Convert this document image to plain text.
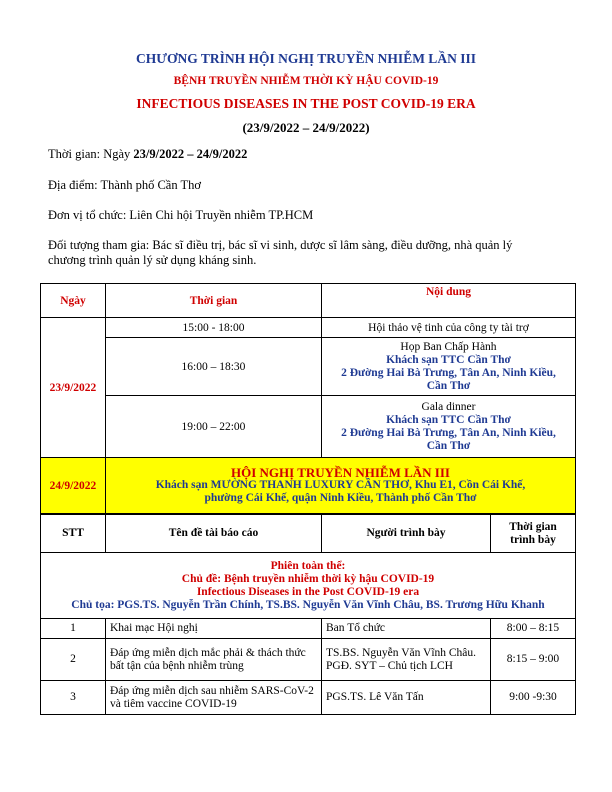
CHƯƠNG TRÌNH HỘI NGHỊ TRUYỀN NHIỄM LẦN III
BỆNH TRUYỀN NHIỄM THỜI KỲ HẬU COVID-19
INFECTIOUS DISEASES IN THE POST COVID-19 ERA
(23/9/2022 – 24/9/2022)
Thời gian: Ngày 23/9/2022 – 24/9/2022
Địa điểm: Thành phố Cần Thơ
Đơn vị tổ chức: Liên Chi hội Truyền nhiễm TP.HCM
Đối tượng tham gia: Bác sĩ điều trị, bác sĩ vi sinh, dược sĩ lâm sàng, điều dưỡng, nhà quản lý
chương trình quản lý sử dụng kháng sinh.
Ngày	Thời gian	Nội dung
23/9/2022	15:00 - 18:00	Hội thảo vệ tinh của công ty tài trợ
	16:00 – 18:30	Họp Ban Chấp Hành
Khách sạn TTC Cần Thơ
2 Đường Hai Bà Trưng, Tân An, Ninh Kiều,
Cần Thơ

	19:00 – 22:00	Gala dinner
Khách sạn TTC Cần Thơ
2 Đường Hai Bà Trưng, Tân An, Ninh Kiều,
Cần Thơ

24/9/2022	HỘI NGHỊ TRUYỀN NHIỄM LẦN III
Khách sạn MƯỜNG THANH LUXURY CẦN THƠ, Khu E1, Cồn Cái Khế,
phường Cái Khế, quận Ninh Kiều, Thành phố Cần Thơ	
STT	Tên đề tài báo cáo	Người trình bày	Thời gian
trình bày

Phiên toàn thể:
Chủ đề: Bệnh truyền nhiễm thời kỳ hậu COVID-19
Infectious Diseases in the Post COVID-19 era
Chủ tọa: PGS.TS. Nguyễn Trần Chính, TS.BS. Nguyễn Văn Vĩnh Châu, BS. Trương Hữu Khanh			

1	Khai mạc Hội nghị	Ban Tổ chức	8:00 – 8:15
2	Đáp ứng miễn dịch mắc phải & thách thức bất tận của bệnh nhiễm trùng	TS.BS. Nguyễn Văn Vĩnh Châu. PGĐ. SYT – Chủ tịch LCH	8:15 – 9:00
3	Đáp ứng miễn dịch sau nhiễm SARS-CoV-2 và tiêm vaccine COVID-19	PGS.TS. Lê Văn Tấn	9:00 -9:30
